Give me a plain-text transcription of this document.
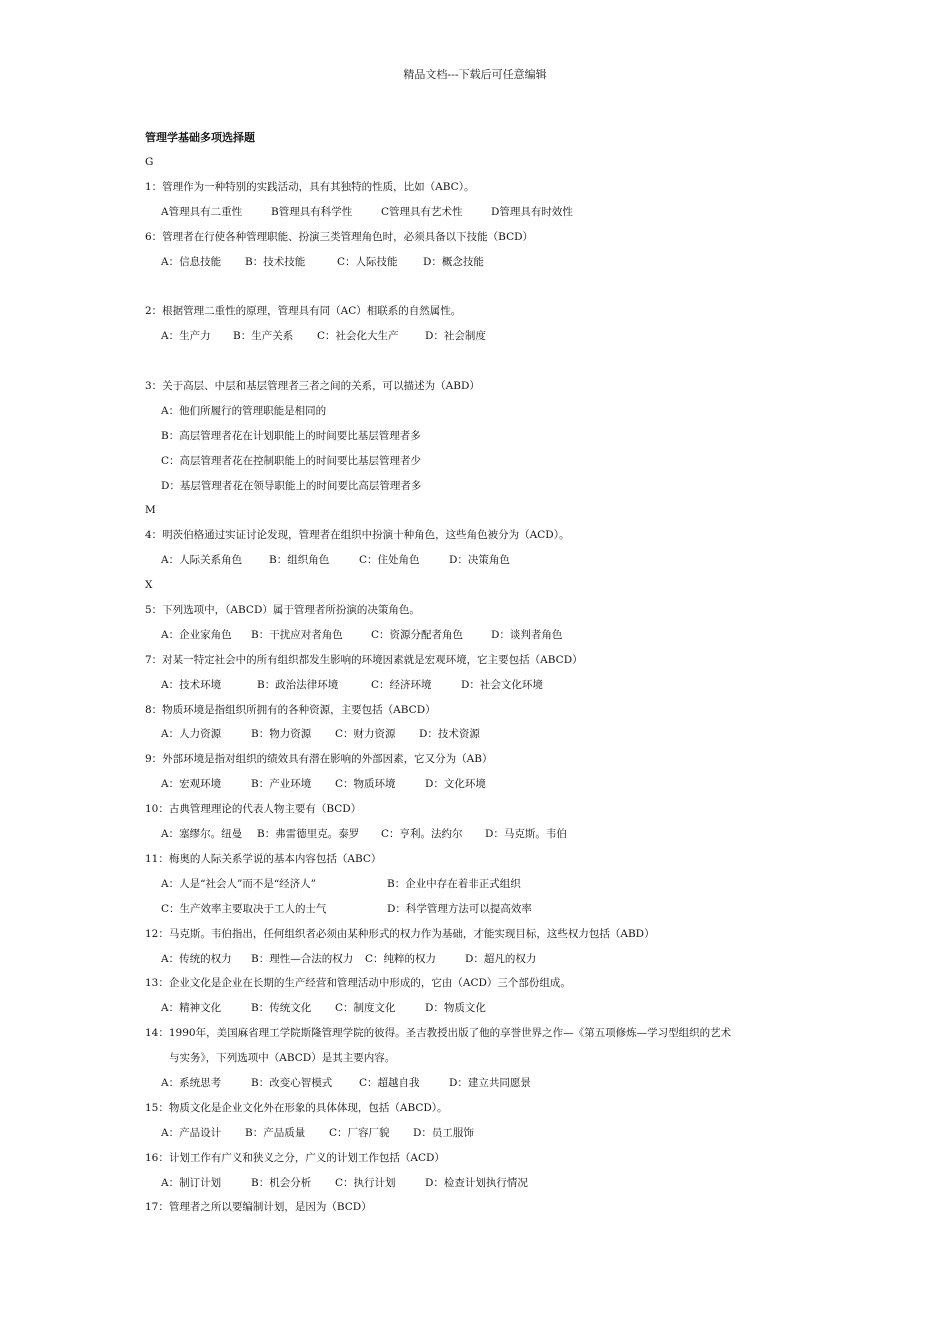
精品文档---下载后可任意编辑
管理学基础多项选择题
G
1：管理作为一种特别的实践活动，具有其独特的性质，比如（ABC）。
A管理具有二重性	B管理具有科学性	C管理具有艺术性	D管理具有时效性
6：管理者在行使各种管理职能、扮演三类管理角色时，必须具备以下技能（BCD）
A：信息技能 B：技术技能	C：人际技能 D：概念技能
2：根据管理二重性的原理，管理具有同（AC）相联系的自然属性。
A：生产力 B：生产关系 C：社会化大生产	D：社会制度
3：关于高层、中层和基层管理者三者之间的关系，可以描述为（ABD）
A：他们所履行的管理职能是相同的
B：高层管理者花在计划职能上的时间要比基层管理者多
C：高层管理者花在控制职能上的时间要比基层管理者少
D：基层管理者花在领导职能上的时间要比高层管理者多
M
4：明茨伯格通过实证讨论发现，管理者在组织中扮演十种角色，这些角色被分为（ACD）。
A：人际关系角色	B：组织角色	C：住处角色	D：决策角色
X
5：下列选项中，（ABCD）属于管理者所扮演的决策角色。
A：企业家角色 B：干扰应对者角色	C：资源分配者角色	D：谈判者角色
7：对某一特定社会中的所有组织都发生影响的环境因素就是宏观环境，它主要包括（ABCD）
A：技术环境	B：政治法律环境	C：经济环境	D：社会文化环境
8：物质环境是指组织所拥有的各种资源，主要包括（ABCD）
A：人力资源	B：物力资源 C：财力资源 D：技术资源
9：外部环境是指对组织的绩效具有潜在影响的外部因素，它又分为（AB）
A：宏观环境	B：产业环境 C：物质环境	D：文化环境
10：古典管理理论的代表人物主要有（BCD）
A：塞缪尔。纽曼 B：弗雷德里克。泰罗 C：亨利。法约尔 D：马克斯。韦伯
11：梅奥的人际关系学说的基本内容包括（ABC）
A：人是“社会人”而不是“经济人”	B：企业中存在着非正式组织
C：生产效率主要取决于工人的士气	D：科学管理方法可以提高效率
12：马克斯。韦伯指出，任何组织者必须由某种形式的权力作为基础，才能实现目标，这些权力包括（ABD）
A：传统的权力 B：理性—合法的权力 C：纯粹的权力	D：超凡的权力
13：企业文化是企业在长期的生产经营和管理活动中形成的，它由（ACD）三个部份组成。
A：精神文化	B：传统文化 C：制度文化	D：物质文化
14：1990年，美国麻省理工学院斯隆管理学院的彼得。圣吉教授出版了他的享誉世界之作—《第五项修炼—学习型组织的艺术
与实务》，下列选项中（ABCD）是其主要内容。
A：系统思考	B：改变心智模式	C：超越自我	D：建立共同愿景
15：物质文化是企业文化外在形象的具体体现，包括（ABCD）。
A：产品设计 B：产品质量 C：厂容厂貌 D：员工服饰
16：计划工作有广义和狭义之分，广义的计划工作包括（ACD）
A：制订计划	B：机会分析 C：执行计划	D：检查计划执行情况
17：管理者之所以要编制计划，是因为（BCD）
